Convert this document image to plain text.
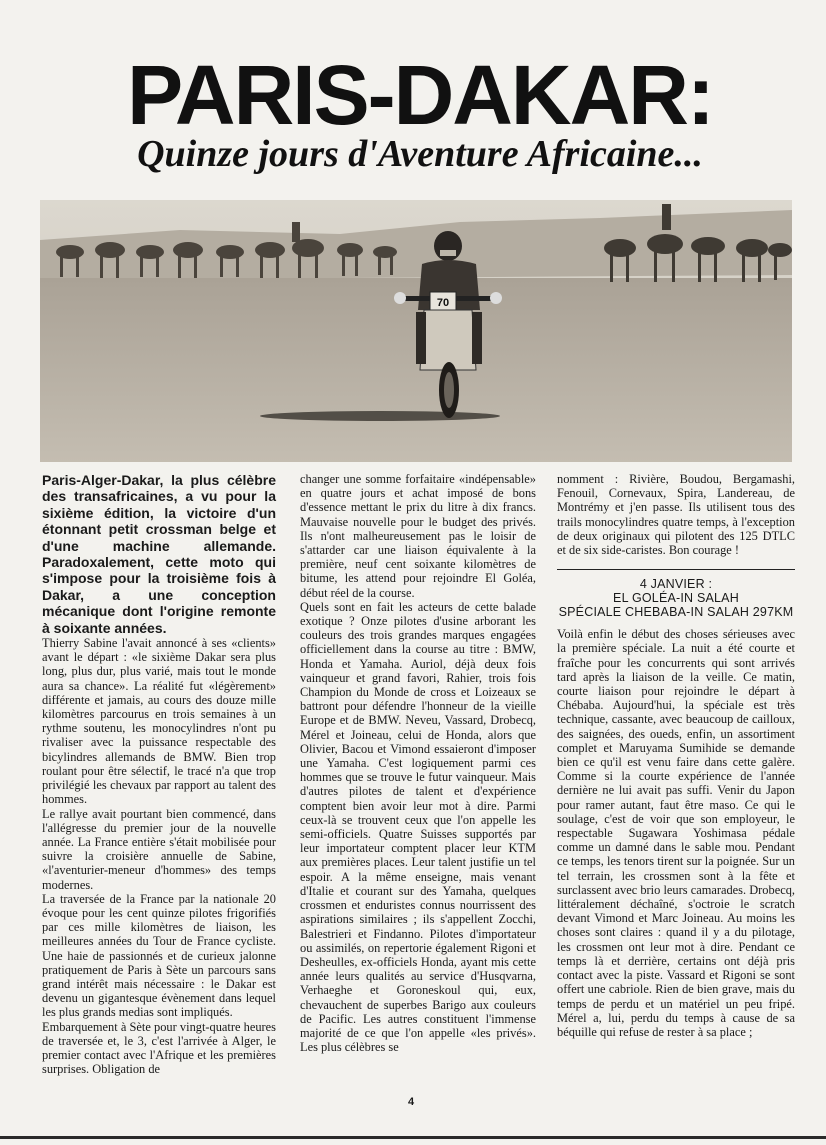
PARIS-DAKAR:
Quinze jours d'Aventure Africaine...
70

Paris-Alger-Dakar, la plus célèbre des transafricaines, a vu pour la sixième édition, la victoire d'un étonnant petit crossman belge et d'une machine allemande. Paradoxalement, cette moto qui s'impose pour la troisième fois à Dakar, a une conception mécanique dont l'origine remonte à soixante années.

Thierry Sabine l'avait annoncé à ses «clients» avant le départ : «le sixième Dakar sera plus long, plus dur, plus varié, mais tout le monde aura sa chance». La réalité fut «légèrement» différente et jamais, au cours des douze mille kilomètres parcourus en trois semaines à un rythme soutenu, les monocylindres n'ont pu rivaliser avec la puissance respectable des bicylindres allemands de BMW. Bien trop roulant pour être sélectif, le tracé n'a que trop privilégié les chevaux par rapport au talent des hommes.

Le rallye avait pourtant bien commencé, dans l'allégresse du premier jour de la nouvelle année. La France entière s'était mobilisée pour suivre la croisière annuelle de Sabine, «l'aventurier-meneur d'hommes» des temps modernes.

La traversée de la France par la nationale 20 évoque pour les cent quinze pilotes frigorifiés par ces mille kilomètres de liaison, les meilleures années du Tour de France cycliste. Une haie de passionnés et de curieux jalonne pratiquement de Paris à Sète un parcours sans grand intérêt mais nécessaire : le Dakar est devenu un gigantesque évènement dans lequel les plus grands medias sont impliqués.

Embarquement à Sète pour vingt-quatre heures de traversée et, le 3, c'est l'arrivée à Alger, le premier contact avec l'Afrique et les premières surprises. Obligation de

changer une somme forfaitaire «indépensable» en quatre jours et achat imposé de bons d'essence mettant le prix du litre à dix francs. Mauvaise nouvelle pour le budget des privés. Ils n'ont malheureusement pas le loisir de s'attarder car une liaison équivalente à la première, neuf cent soixante kilomètres de bitume, les attend pour rejoindre El Goléa, début réel de la course.

Quels sont en fait les acteurs de cette balade exotique ? Onze pilotes d'usine arborant les couleurs des trois grandes marques engagées officiellement dans la course au titre : BMW, Honda et Yamaha. Auriol, déjà deux fois vainqueur et grand favori, Rahier, trois fois Champion du Monde de cross et Loizeaux se battront pour défendre l'honneur de la vieille Europe et de BMW. Neveu, Vassard, Drobecq, Mérel et Joineau, celui de Honda, alors que Olivier, Bacou et Vimond essaieront d'imposer une Yamaha. C'est logiquement parmi ces hommes que se trouve le futur vainqueur. Mais d'autres pilotes de talent et d'expérience comptent bien avoir leur mot à dire. Parmi ceux-là se trouvent ceux que l'on appelle les semi-officiels. Quatre Suisses supportés par leur importateur comptent placer leur KTM aux premières places. Leur talent justifie un tel espoir. A la même enseigne, mais venant d'Italie et courant sur des Yamaha, quelques crossmen et enduristes connus nourrissent des aspirations similaires ; ils s'appellent Zocchi, Balestrieri et Findanno. Pilotes d'importateur ou assimilés, on repertorie également Rigoni et Desheulles, ex-officiels Honda, ayant mis cette année leurs qualités au service d'Husqvarna, Verhaeghe et Goroneskoul qui, eux, chevauchent de superbes Barigo aux couleurs de Pacific. Les autres constituent l'immense majorité de ce que l'on appelle «les privés». Les plus célèbres se

nomment : Rivière, Boudou, Bergamashi, Fenouil, Cornevaux, Spira, Landereau, de Montrémy et j'en passe. Ils utilisent tous des trails monocylindres quatre temps, à l'exception de deux originaux qui pilotent des 125 DTLC et de six side-caristes. Bon courage !

4 JANVIER :
EL GOLÉA-IN SALAH
SPÉCIALE CHEBABA-IN SALAH 297KM

Voilà enfin le début des choses sérieuses avec la première spéciale. La nuit a été courte et fraîche pour les concurrents qui sont arrivés tard après la liaison de la veille. Ce matin, courte liaison pour rejoindre le départ à Chébaba. Aujourd'hui, la spéciale est très technique, cassante, avec beaucoup de cailloux, des saignées, des oueds, enfin, un assortiment complet et Maruyama Sumihide se demande bien ce qu'il est venu faire dans cette galère. Comme si la courte expérience de l'année dernière ne lui avait pas suffi. Venir du Japon pour ramer autant, faut être maso. Ce qui le soulage, c'est de voir que son employeur, le respectable Sugawara Yoshimasa pédale comme un damné dans le sable mou. Pendant ce temps, les tenors tirent sur la poignée. Sur un tel terrain, les crossmen sont à la fête et surclassent avec brio leurs camarades. Drobecq, littéralement déchaîné, s'octroie le scratch devant Vimond et Marc Joineau. Au moins les choses sont claires : quand il y a du pilotage, les crossmen ont leur mot à dire. Pendant ce temps là et derrière, certains ont déjà pris contact avec la piste. Vassard et Rigoni se sont offert une cabriole. Rien de bien grave, mais du temps de perdu et un matériel un peu fripé. Mérel a, lui, perdu du temps à cause de sa béquille qui refuse de rester à sa place ;

4
